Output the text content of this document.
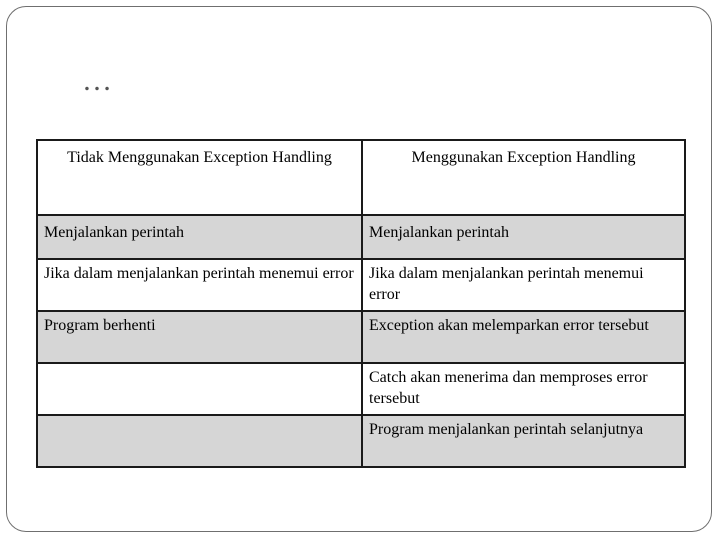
…
Tidak Menggunakan Exception Handling	Menggunakan Exception Handling
Menjalankan perintah	Menjalankan perintah
Jika dalam menjalankan perintah menemui error	Jika dalam menjalankan perintah menemui error
Program berhenti	Exception akan melemparkan error tersebut
	Catch akan menerima dan memproses error tersebut
	Program menjalankan perintah selanjutnya
